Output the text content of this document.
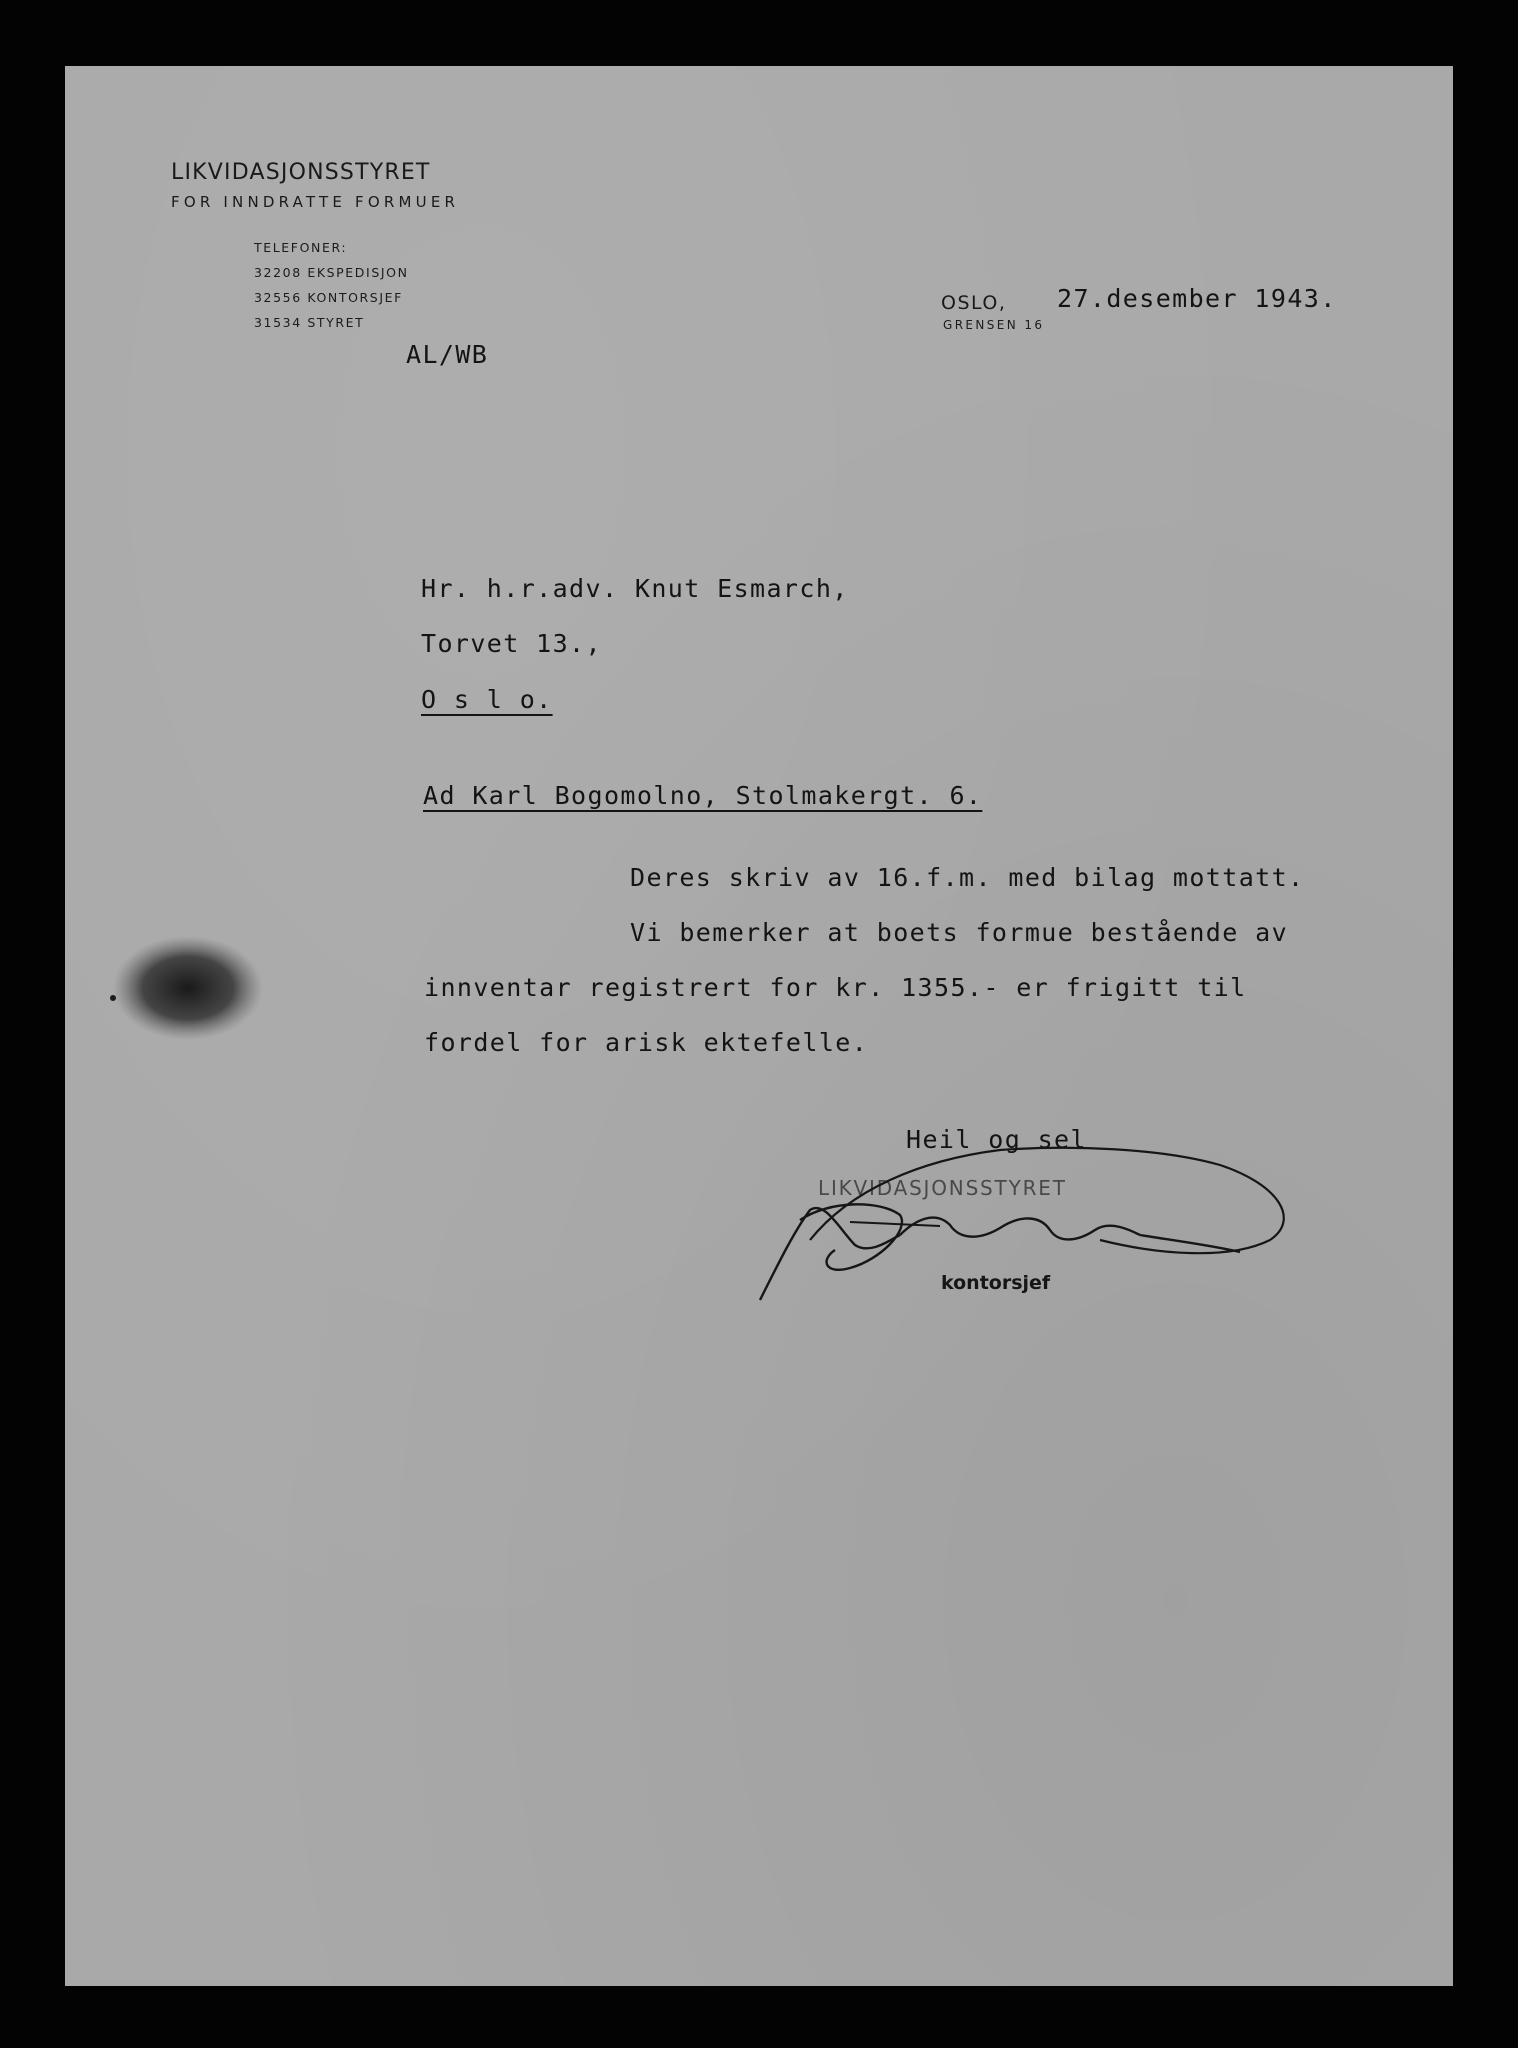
LIKVIDASJONSSTYRET
FOR INNDRATTE FORMUER
TELEFONER:
32208 EKSPEDISJON
32556 KONTORSJEF
31534 STYRET
OSLO,
GRENSEN 16
27.desember 1943.
AL/WB
Hr. h.r.adv. Knut Esmarch,
Torvet 13.,
O s l o.
Ad Karl Bogomolno, Stolmakergt. 6.
Deres skriv av 16.f.m. med bilag mottatt.
Vi bemerker at boets formue bestående av
innventar registrert for kr. 1355.- er frigitt til
fordel for arisk ektefelle.
Heil og sel
LIKVIDASJONSSTYRET
kontorsjef
